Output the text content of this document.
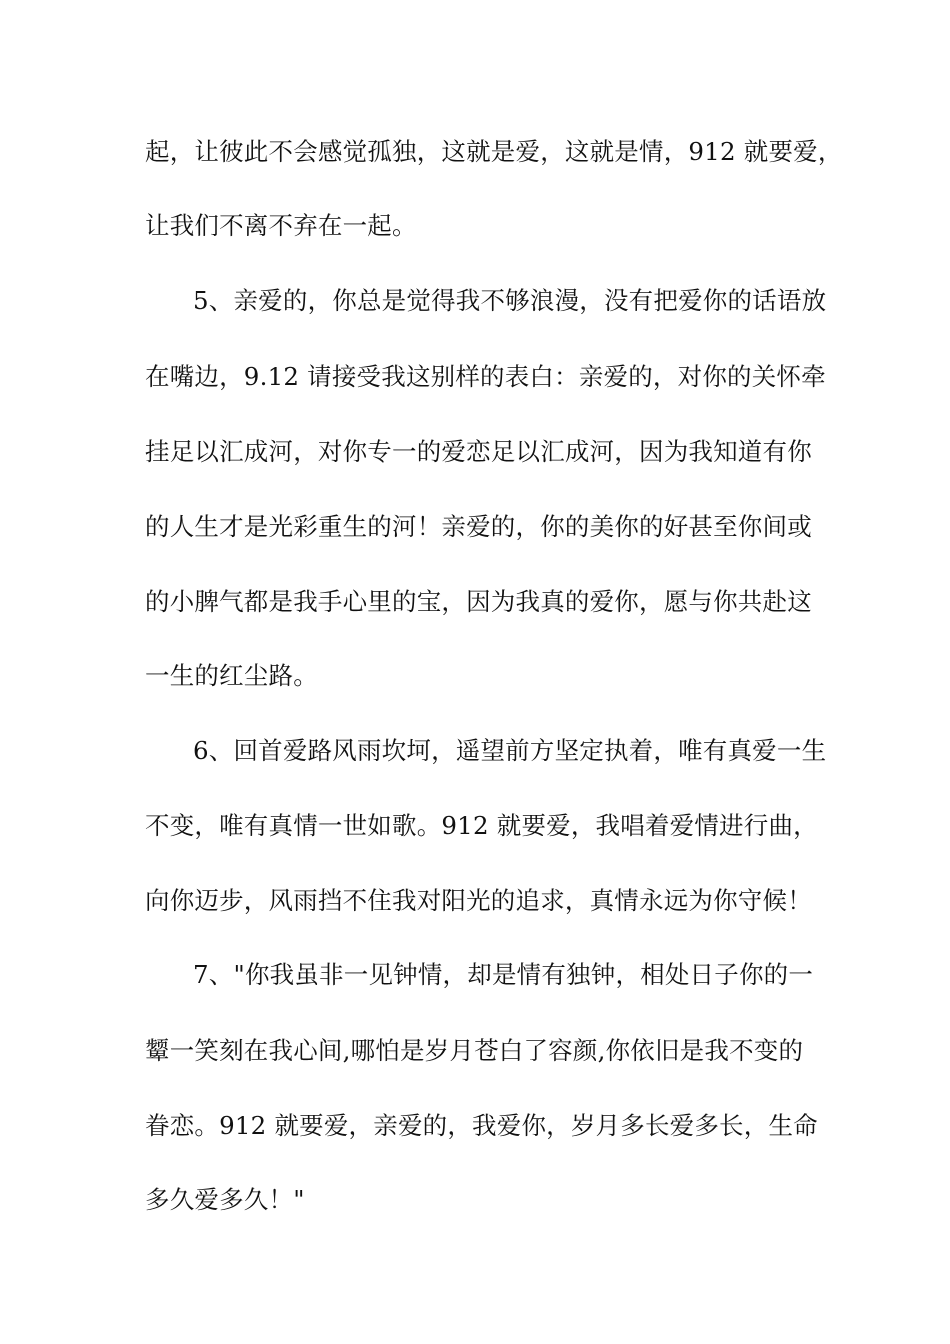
起，让彼此不会感觉孤独，这就是爱，这就是情，912 就要爱，
让我们不离不弃在一起。
5、亲爱的，你总是觉得我不够浪漫，没有把爱你的话语放
在嘴边，9.12 请接受我这别样的表白：亲爱的，对你的关怀牵
挂足以汇成河，对你专一的爱恋足以汇成河，因为我知道有你
的人生才是光彩重生的河！亲爱的，你的美你的好甚至你间或
的小脾气都是我手心里的宝，因为我真的爱你，愿与你共赴这
一生的红尘路。
6、回首爱路风雨坎坷，遥望前方坚定执着，唯有真爱一生
不变，唯有真情一世如歌。912 就要爱，我唱着爱情进行曲，
向你迈步，风雨挡不住我对阳光的追求，真情永远为你守候！
7、"你我虽非一见钟情，却是情有独钟，相处日子你的一
颦一笑刻在我心间,哪怕是岁月苍白了容颜,你依旧是我不变的
眷恋。912 就要爱，亲爱的，我爱你，岁月多长爱多长，生命
多久爱多久！"
